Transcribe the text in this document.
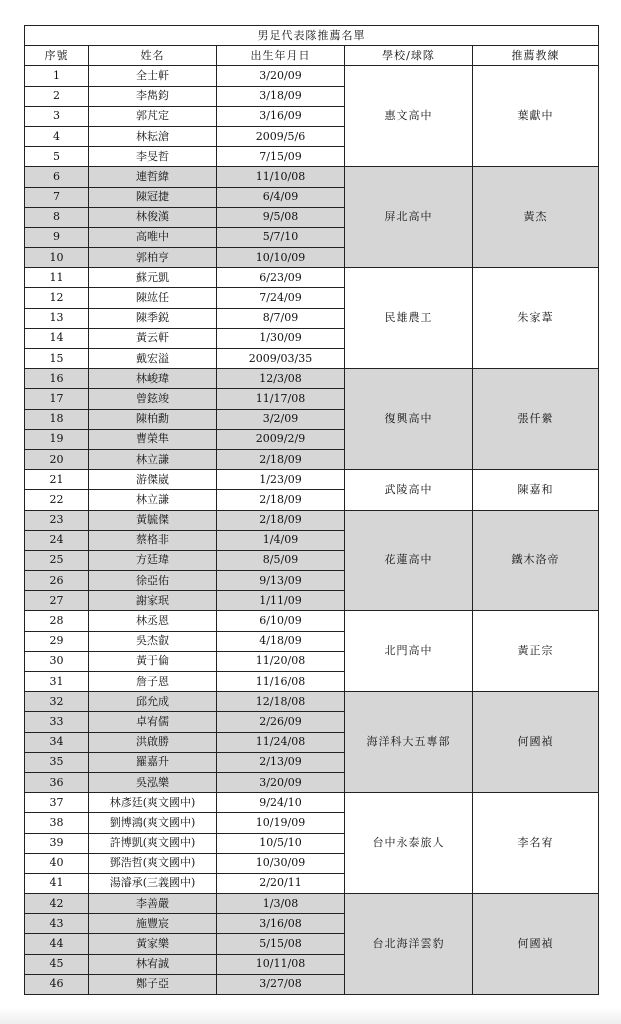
男足代表隊推薦名單				
序號	姓名	出生年月日	學校/球隊	推薦教練
1	全士軒	3/20/09	惠文高中	葉獻中
2	李雋鈞	3/18/09		
3	郭芃定	3/16/09		
4	林耘滄	2009/5/6		
5	李旻哲	7/15/09		
6	連哲緯	11/10/08	屏北高中	黃杰
7	陳冠捷	6/4/09		
8	林俊漢	9/5/08		
9	高唯中	5/7/10		
10	郭柏亨	10/10/09		
11	蘇元凱	6/23/09	民雄農工	朱家葦
12	陳竑任	7/24/09		
13	陳季鋭	8/7/09		
14	黃云軒	1/30/09		
15	戴宏溢	2009/03/35		
16	林峻瑋	12/3/08	復興高中	張仟縈
17	曾鉉竣	11/17/08		
18	陳柏勳	3/2/09		
19	曹榮隼	2009/2/9		
20	林立謙	2/18/09		
21	游傑崴	1/23/09	武陵高中	陳嘉和
22	林立謙	2/18/09		
23	黃毓傑	2/18/09	花蓮高中	鐵木洛帝
24	蔡格非	1/4/09		
25	方廷瑋	8/5/09		
26	徐亞佑	9/13/09		
27	謝家珉	1/11/09		
28	林丞恩	6/10/09	北門高中	黃正宗
29	吳杰叡	4/18/09		
30	黃于倫	11/20/08		
31	詹子恩	11/16/08		
32	邱允成	12/18/08	海洋科大五專部	何國禎
33	卓宥儒	2/26/09		
34	洪啟勝	11/24/08		
35	羅嘉升	2/13/09		
36	吳泓樂	3/20/09		
37	林彥廷(爽文國中)	9/24/10	台中永泰旅人	李名宥
38	劉博鴻(爽文國中)	10/19/09		
39	許博凱(爽文國中)	10/5/10		
40	鄧浩哲(爽文國中)	10/30/09		
41	湯濬承(三義國中)	2/20/11		
42	李善嚴	1/3/08	台北海洋雲豹	何國禎
43	施豐宸	3/16/08		
44	黃家樂	5/15/08		
45	林宥誠	10/11/08		
46	鄭子亞	3/27/08		
